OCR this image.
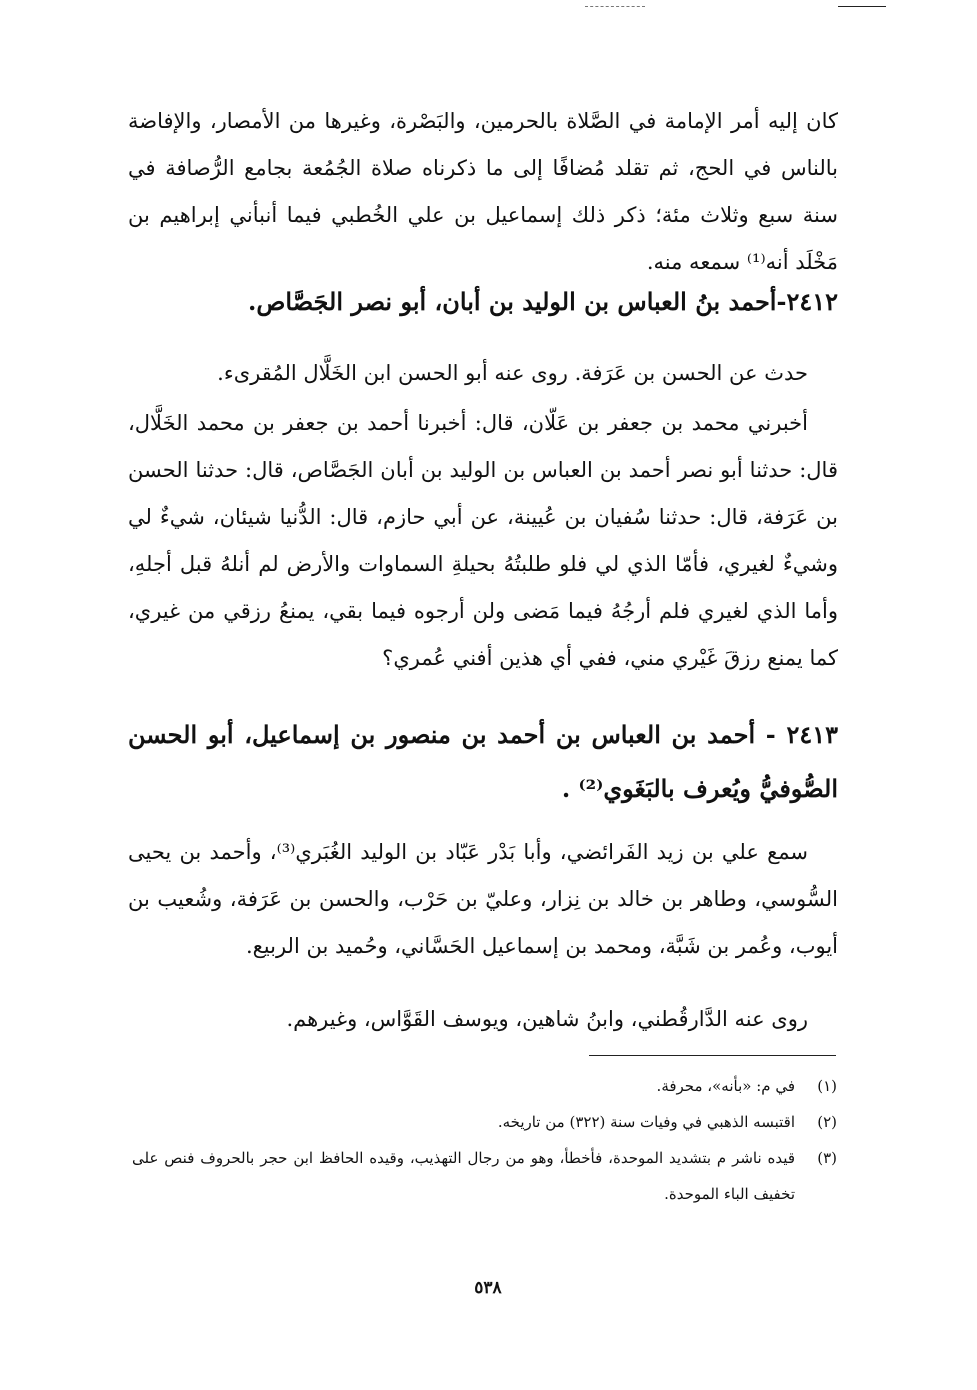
كان إليه أمر الإمامة في الصَّلاة بالحرمين، والبَصْرة، وغيرها من الأمصار، والإفاضة بالناس في الحج، ثم تقلد مُضافًا إلى ما ذكرناه صلاة الجُمُعة بجامع الرُّصافة في سنة سبع وثلاث مئة؛ ذكر ذلك إسماعيل بن علي الخُطبي فيما أنبأني إبراهيم بن مَخْلَد أنه⁽¹⁾ سمعه منه.

٢٤١٢-أحمد بنُ العباس بن الوليد بن أبان، أبو نصر الجَصَّاص.

حدث عن الحسن بن عَرَفة. روى عنه أبو الحسن ابن الخَلَّال المُقرىء.

أخبرني محمد بن جعفر بن عَلّان، قال: أخبرنا أحمد بن جعفر بن محمد الخَلَّال، قال: حدثنا أبو نصر أحمد بن العباس بن الوليد بن أبان الجَصَّاص، قال: حدثنا الحسن بن عَرَفة، قال: حدثنا سُفيان بن عُيينة، عن أبي حازم، قال: الدُّنيا شيئان، شيءٌ لي وشيءٌ لغيري، فأمّا الذي لي فلو طلبتُهُ بحيلةِ السماوات والأرض لم أنلهُ قبل أجلهِ، وأما الذي لغيري فلم أرجُهُ فيما مَضى ولن أرجوه فيما بقي، يمنعُ رزقي من غيري، كما يمنع رزقَ غَيْري مني، ففي أي هذين أفني عُمري؟

٢٤١٣ - أحمد بن العباس بن أحمد بن منصور بن إسماعيل، أبو الحسن الصُّوفيُّ ويُعرف بالبَغَوي⁽²⁾ .

سمع علي بن زيد الفَرائضي، وأبا بَدْر عَبّاد بن الوليد الغُبَري⁽³⁾، وأحمد بن يحيى السُّوسي، وطاهر بن خالد بن نِزار، وعليّ بن حَرْب، والحسن بن عَرَفة، وشُعيب بن أيوب، وعُمر بن شَبَّة، ومحمد بن إسماعيل الحَسَّاني، وحُميد بن الربيع.

روى عنه الدَّارقُطني، وابنُ شاهين، ويوسف القَوَّاس، وغيرهم.

(١)
في م: «بأنه»، محرفة.
(٢)
اقتبسه الذهبي في وفيات سنة (٣٢٢) من تاريخه.
(٣)
قيده ناشر م بتشديد الموحدة، فأخطأ، وهو من رجال التهذيب، وقيده الحافظ ابن حجر بالحروف فنص على تخفيف الباء الموحدة.
٥٣٨
